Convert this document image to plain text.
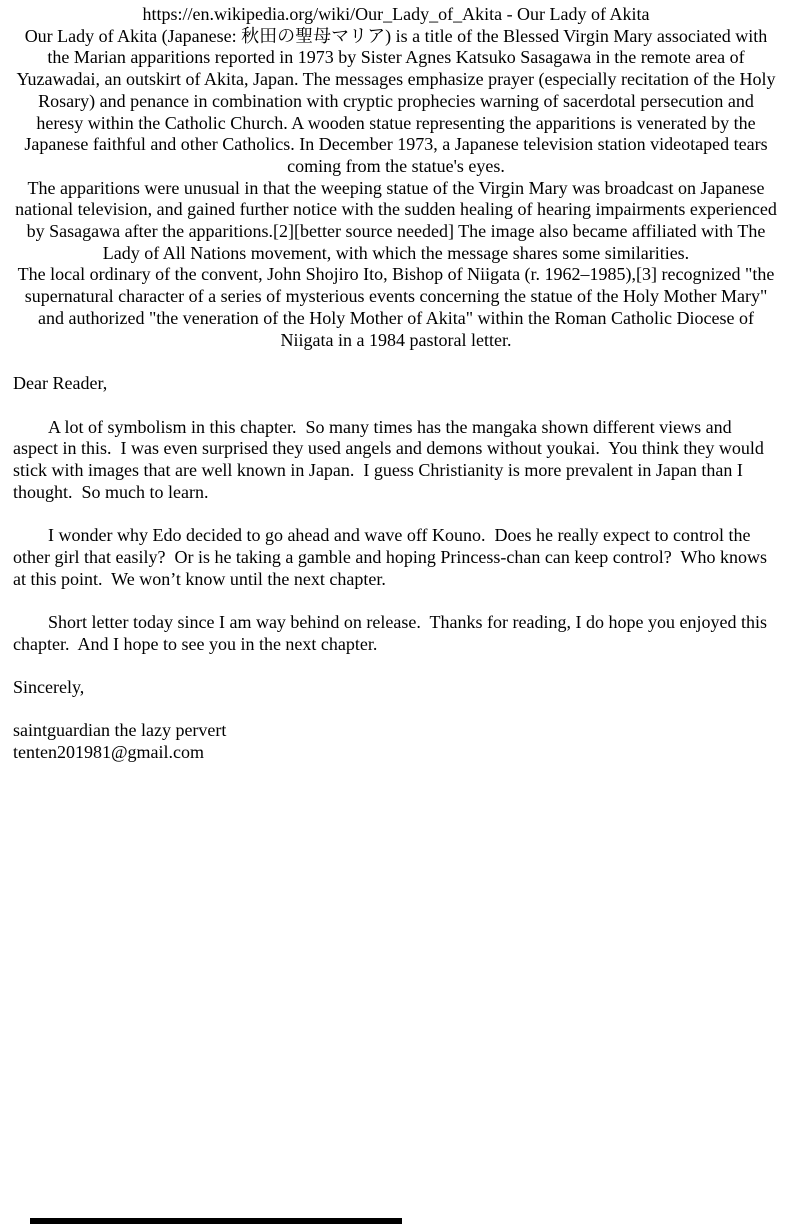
https://en.wikipedia.org/wiki/Our_Lady_of_Akita - Our Lady of Akita

Our Lady of Akita (Japanese: 秋田の聖母マリア) is a title of the Blessed Virgin Mary associated with the Marian apparitions reported in 1973 by Sister Agnes Katsuko Sasagawa in the remote area of Yuzawadai, an outskirt of Akita, Japan. The messages emphasize prayer (especially recitation of the Holy Rosary) and penance in combination with cryptic prophecies warning of sacerdotal persecution and heresy within the Catholic Church. A wooden statue representing the apparitions is venerated by the Japanese faithful and other Catholics. In December 1973, a Japanese television station videotaped tears coming from the statue's eyes.

The apparitions were unusual in that the weeping statue of the Virgin Mary was broadcast on Japanese national television, and gained further notice with the sudden healing of hearing impairments experienced by Sasagawa after the apparitions.[2][better source needed] The image also became affiliated with The Lady of All Nations movement, with which the message shares some similarities.

The local ordinary of the convent, John Shojiro Ito, Bishop of Niigata (r. 1962–1985),[3] recognized "the supernatural character of a series of mysterious events concerning the statue of the Holy Mother Mary" and authorized "the veneration of the Holy Mother of Akita" within the Roman Catholic Diocese of Niigata in a 1984 pastoral letter.

Dear Reader,

A lot of symbolism in this chapter.  So many times has the mangaka shown different views and aspect in this.  I was even surprised they used angels and demons without youkai.  You think they would stick with images that are well known in Japan.  I guess Christianity is more prevalent in Japan than I thought.  So much to learn.

I wonder why Edo decided to go ahead and wave off Kouno.  Does he really expect to control the other girl that easily?  Or is he taking a gamble and hoping Princess-chan can keep control?  Who knows at this point.  We won’t know until the next chapter.

Short letter today since I am way behind on release.  Thanks for reading, I do hope you enjoyed this chapter.  And I hope to see you in the next chapter.

Sincerely,

saintguardian the lazy pervert

tenten201981@gmail.com
